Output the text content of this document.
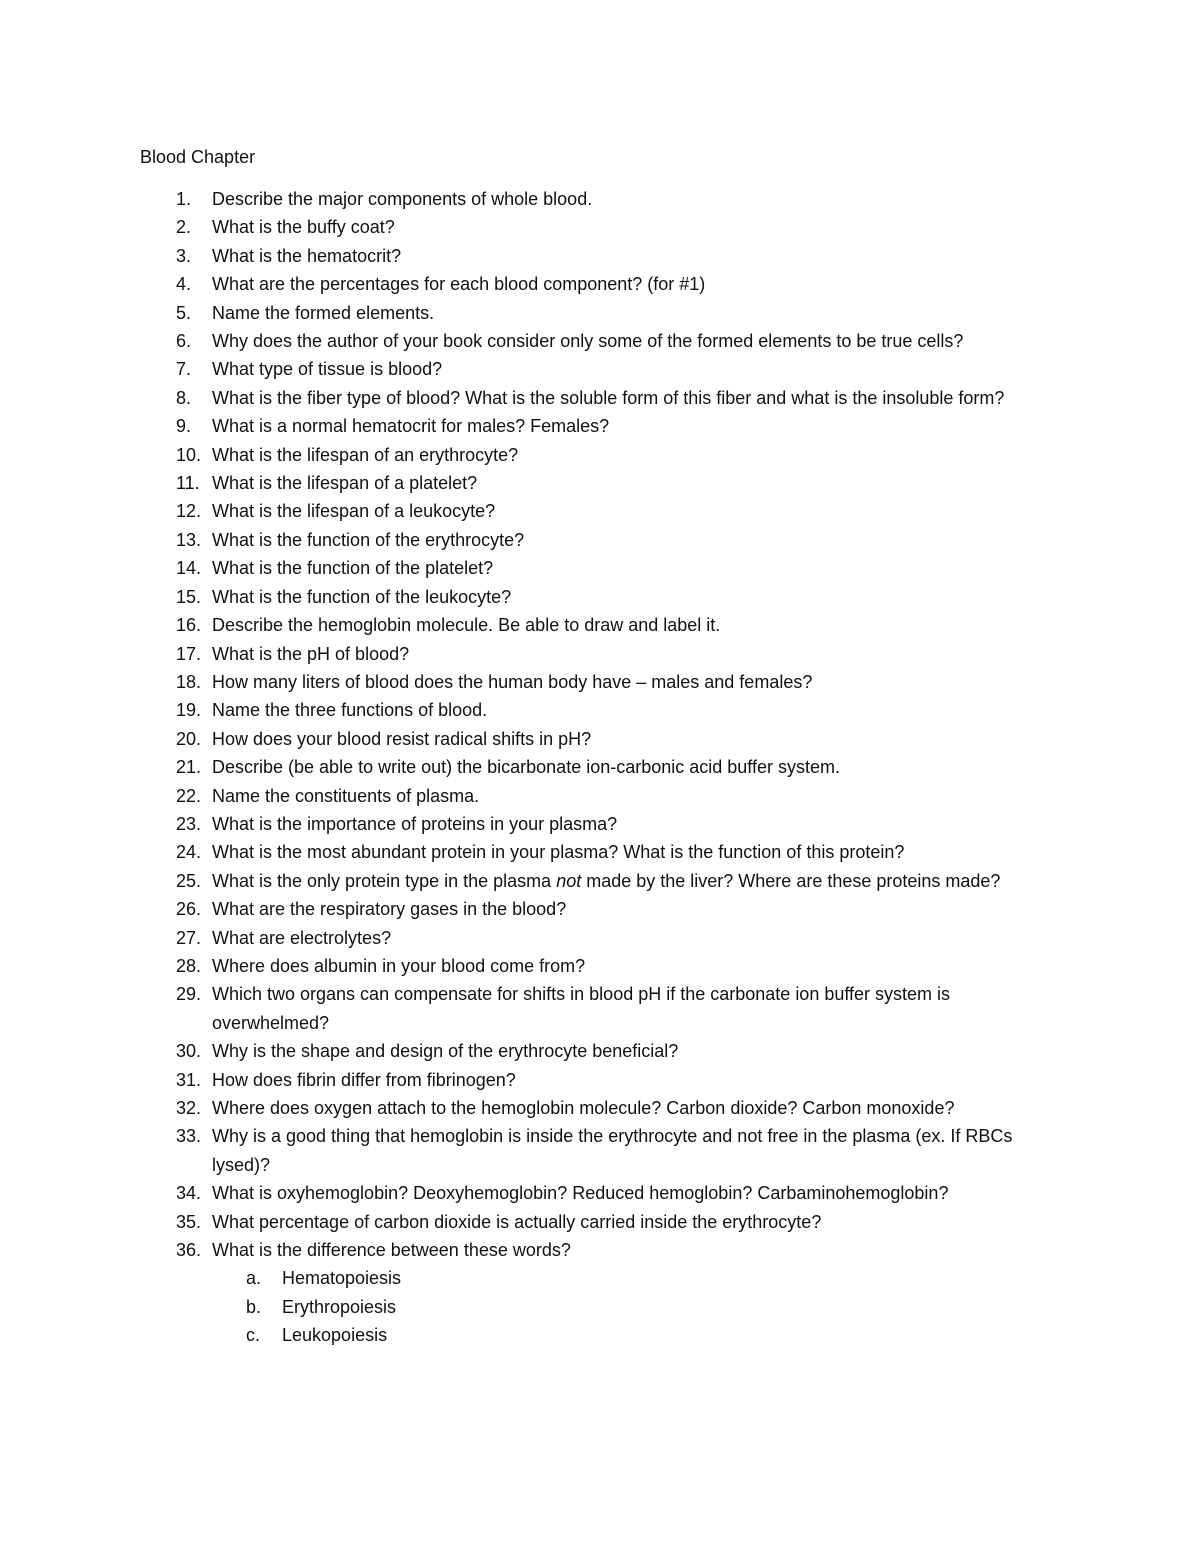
Blood Chapter
1. Describe the major components of whole blood.
2. What is the buffy coat?
3. What is the hematocrit?
4. What are the percentages for each blood component? (for #1)
5. Name the formed elements.
6. Why does the author of your book consider only some of the formed elements to be true cells?
7. What type of tissue is blood?
8. What is the fiber type of blood? What is the soluble form of this fiber and what is the insoluble form?
9. What is a normal hematocrit for males? Females?
10. What is the lifespan of an erythrocyte?
11. What is the lifespan of a platelet?
12. What is the lifespan of a leukocyte?
13. What is the function of the erythrocyte?
14. What is the function of the platelet?
15. What is the function of the leukocyte?
16. Describe the hemoglobin molecule. Be able to draw and label it.
17. What is the pH of blood?
18. How many liters of blood does the human body have – males and females?
19. Name the three functions of blood.
20. How does your blood resist radical shifts in pH?
21. Describe (be able to write out) the bicarbonate ion-carbonic acid buffer system.
22. Name the constituents of plasma.
23. What is the importance of proteins in your plasma?
24. What is the most abundant protein in your plasma? What is the function of this protein?
25. What is the only protein type in the plasma not made by the liver? Where are these proteins made?
26. What are the respiratory gases in the blood?
27. What are electrolytes?
28. Where does albumin in your blood come from?
29. Which two organs can compensate for shifts in blood pH if the carbonate ion buffer system is overwhelmed?
30. Why is the shape and design of the erythrocyte beneficial?
31. How does fibrin differ from fibrinogen?
32. Where does oxygen attach to the hemoglobin molecule? Carbon dioxide? Carbon monoxide?
33. Why is a good thing that hemoglobin is inside the erythrocyte and not free in the plasma (ex. If RBCs lysed)?
34. What is oxyhemoglobin? Deoxyhemoglobin? Reduced hemoglobin? Carbaminohemoglobin?
35. What percentage of carbon dioxide is actually carried inside the erythrocyte?
36. What is the difference between these words?
a. Hematopoiesis
b. Erythropoiesis
c. Leukopoiesis
